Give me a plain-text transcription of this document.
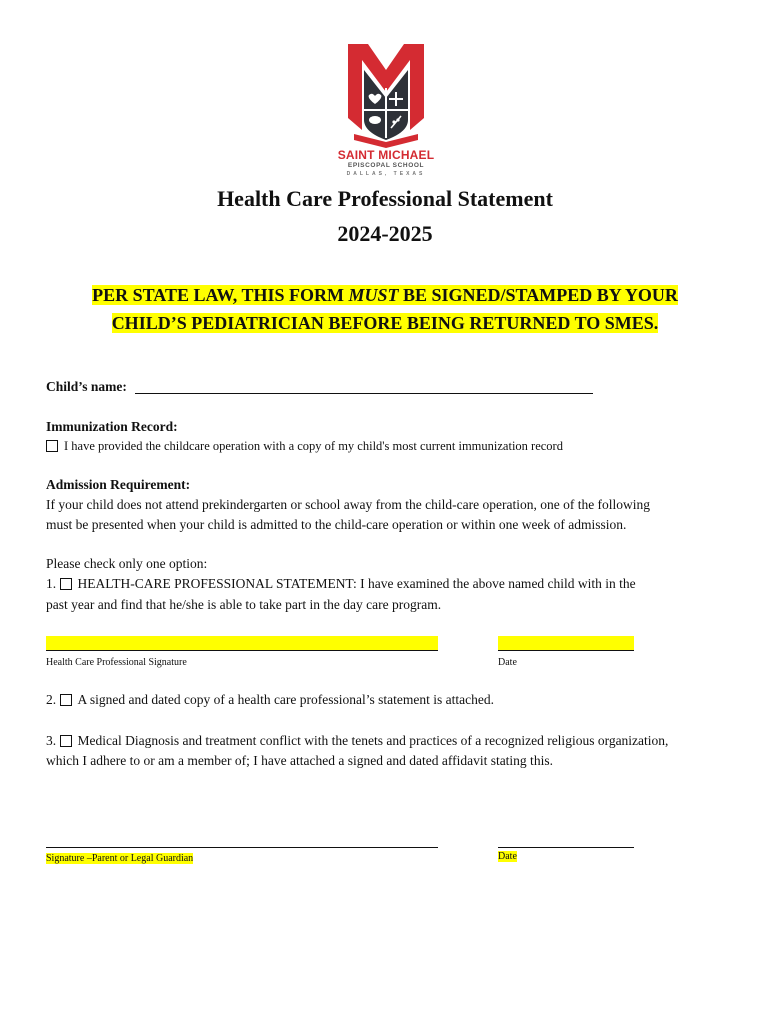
SAINT MICHAEL
EPISCOPAL SCHOOL
DALLAS, TEXAS
Health Care Professional Statement
2024-2025
PER STATE LAW, THIS FORM MUST BE SIGNED/STAMPED BY YOUR
CHILD’S PEDIATRICIAN BEFORE BEING RETURNED TO SMES.
Child’s name:
Immunization Record:
I have provided the childcare operation with a copy of my child's most current immunization record
Admission Requirement:
If your child does not attend prekindergarten or school away from the child-care operation, one of the following
must be presented when your child is admitted to the child-care operation or within one week of admission.
Please check only one option:
1. HEALTH-CARE PROFESSIONAL STATEMENT: I have examined the above named child with in the
past year and find that he/she is able to take part in the day care program.
Health Care Professional Signature	Date
2. A signed and dated copy of a health care professional’s statement is attached.
3. Medical Diagnosis and treatment conflict with the tenets and practices of a recognized religious organization,
which I adhere to or am a member of; I have attached a signed and dated affidavit stating this.
Signature –Parent or Legal Guardian	Date
